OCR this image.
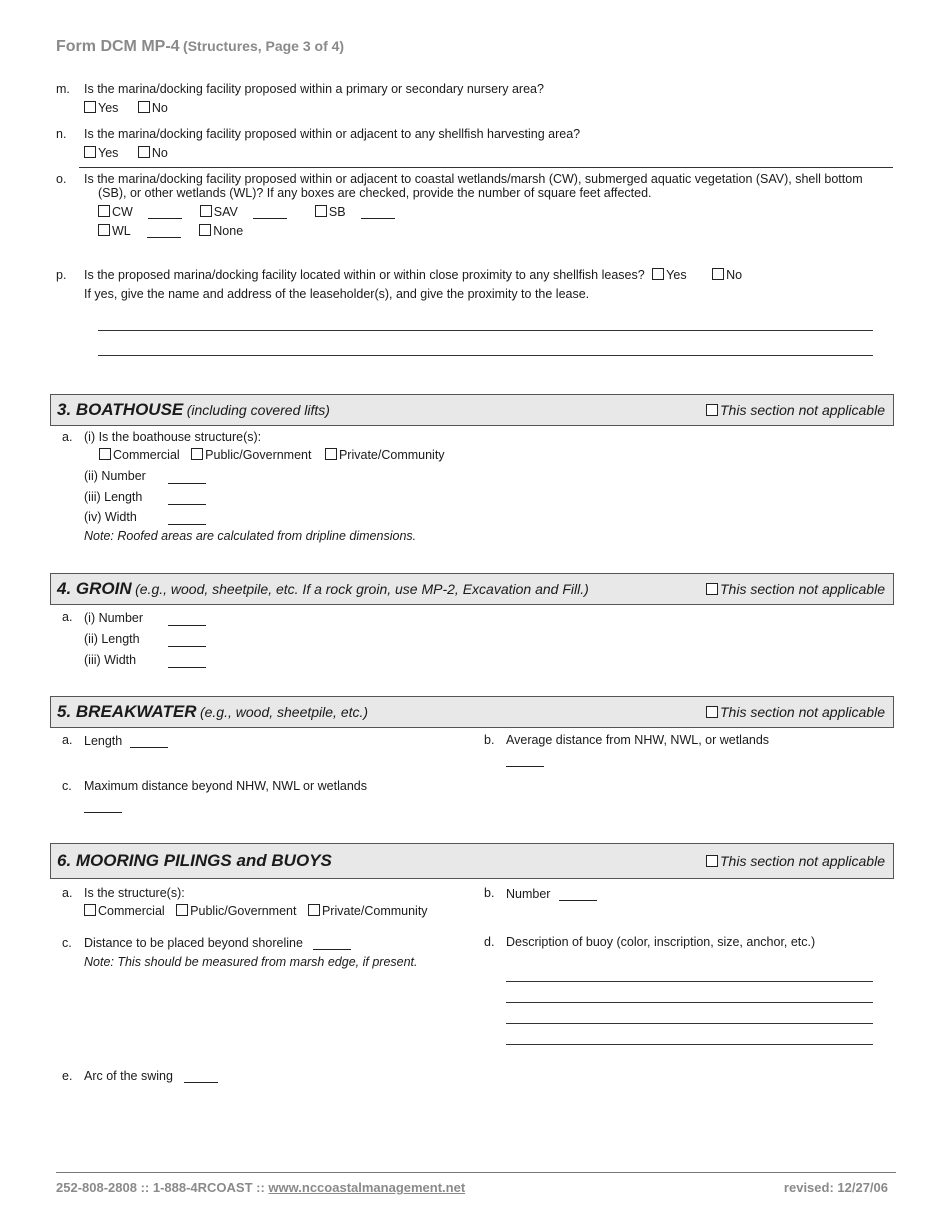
Form DCM MP-4 (Structures, Page 3 of 4)
m. Is the marina/docking facility proposed within a primary or secondary nursery area?
Yes	No
n. Is the marina/docking facility proposed within or adjacent to any shellfish harvesting area?
Yes	No
o. Is the marina/docking facility proposed within or adjacent to coastal wetlands/marsh (CW), submerged aquatic vegetation (SAV), shell bottom
(SB), or other wetlands (WL)? If any boxes are checked, provide the number of square feet affected.
CW	SAV	SB
WL	None
p. Is the proposed marina/docking facility located within or within close proximity to any shellfish leases? Yes	No
If yes, give the name and address of the leaseholder(s), and give the proximity to the lease.
3. BOATHOUSE (including covered lifts)	This section not applicable
a. (i) Is the boathouse structure(s):
Commercial Public/Government Private/Community
(ii) Number
(iii) Length
(iv) Width
Note: Roofed areas are calculated from dripline dimensions.
4. GROIN (e.g., wood, sheetpile, etc. If a rock groin, use MP-2, Excavation and Fill.)	This section not applicable
a. (i) Number
(ii) Length
(iii) Width
5. BREAKWATER (e.g., wood, sheetpile, etc.)	This section not applicable
a. Length	b. Average distance from NHW, NWL, or wetlands
c. Maximum distance beyond NHW, NWL or wetlands
6. MOORING PILINGS and BUOYS	This section not applicable
a. Is the structure(s):
Commercial Public/Government Private/Community
b. Number
c. Distance to be placed beyond shoreline
Note: This should be measured from marsh edge, if present.
d. Description of buoy (color, inscription, size, anchor, etc.)
e. Arc of the swing
252-808-2808 :: 1-888-4RCOAST :: www.nccoastalmanagement.net	revised: 12/27/06
